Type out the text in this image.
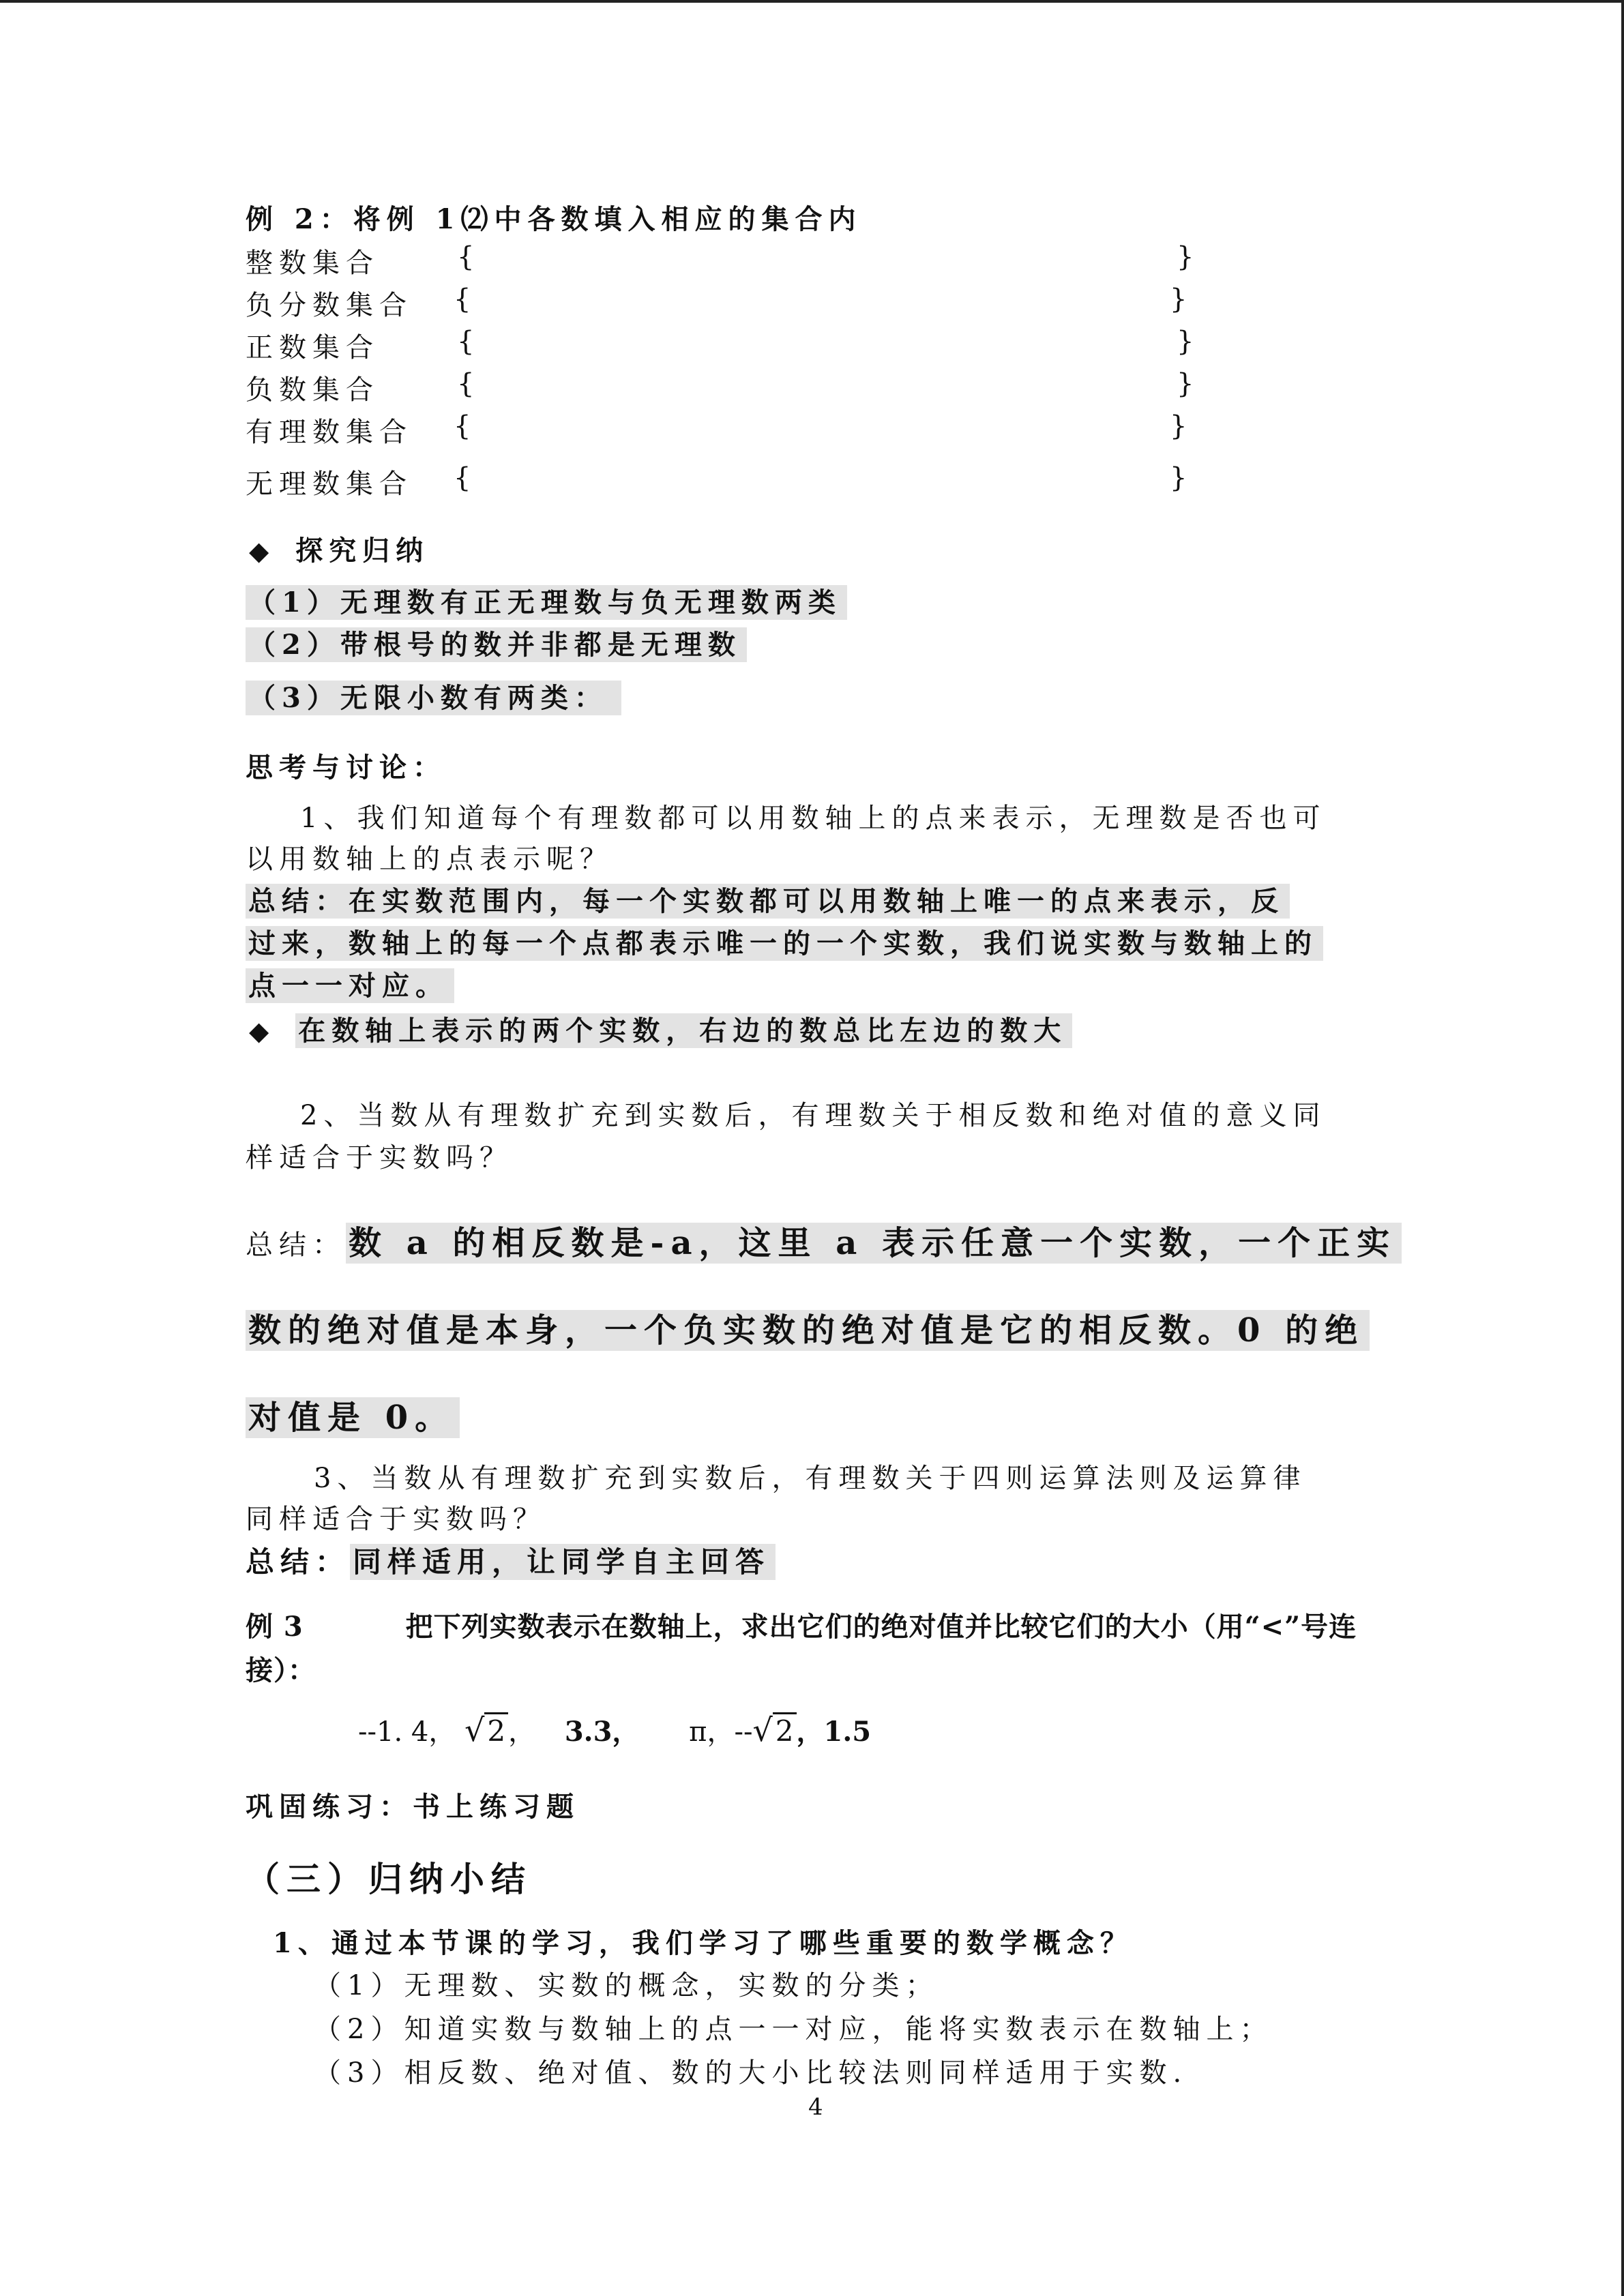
例 2：将例 1⑵中各数填入相应的集合内
整数集合	{	}
负分数集合 {	}
正数集合	{	}
负数集合	{	}
有理数集合 {	}
无理数集合 {	}
◆ 探究归纳
（1）无理数有正无理数与负无理数两类
（2）带根号的数并非都是无理数
（3）无限小数有两类：
思考与讨论：
1、我们知道每个有理数都可以用数轴上的点来表示，无理数是否也可
以用数轴上的点表示呢？
总结：在实数范围内，每一个实数都可以用数轴上唯一的点来表示，反
过来，数轴上的每一个点都表示唯一的一个实数，我们说实数与数轴上的
点一一对应。
◆ 在数轴上表示的两个实数，右边的数总比左边的数大
2、当数从有理数扩充到实数后，有理数关于相反数和绝对值的意义同
样适合于实数吗？
总结：数 a 的相反数是-a，这里 a 表示任意一个实数，一个正实
数的绝对值是本身，一个负实数的绝对值是它的相反数。0 的绝
对值是 0。
3、当数从有理数扩充到实数后，有理数关于四则运算法则及运算律
同样适合于实数吗？
总结：同样适用，让同学自主回答
例 3	把下列实数表示在数轴上，求出它们的绝对值并比较它们的大小（用“<”号连
接）：
--1. 4， √2 ， 3.3， π，--√2 ，1.5
巩固练习：书上练习题
（三）归纳小结
1、通过本节课的学习，我们学习了哪些重要的数学概念？
（1）无理数、实数的概念，实数的分类；
（2）知道实数与数轴上的点一一对应，能将实数表示在数轴上；
（3）相反数、绝对值、数的大小比较法则同样适用于实数.
4
